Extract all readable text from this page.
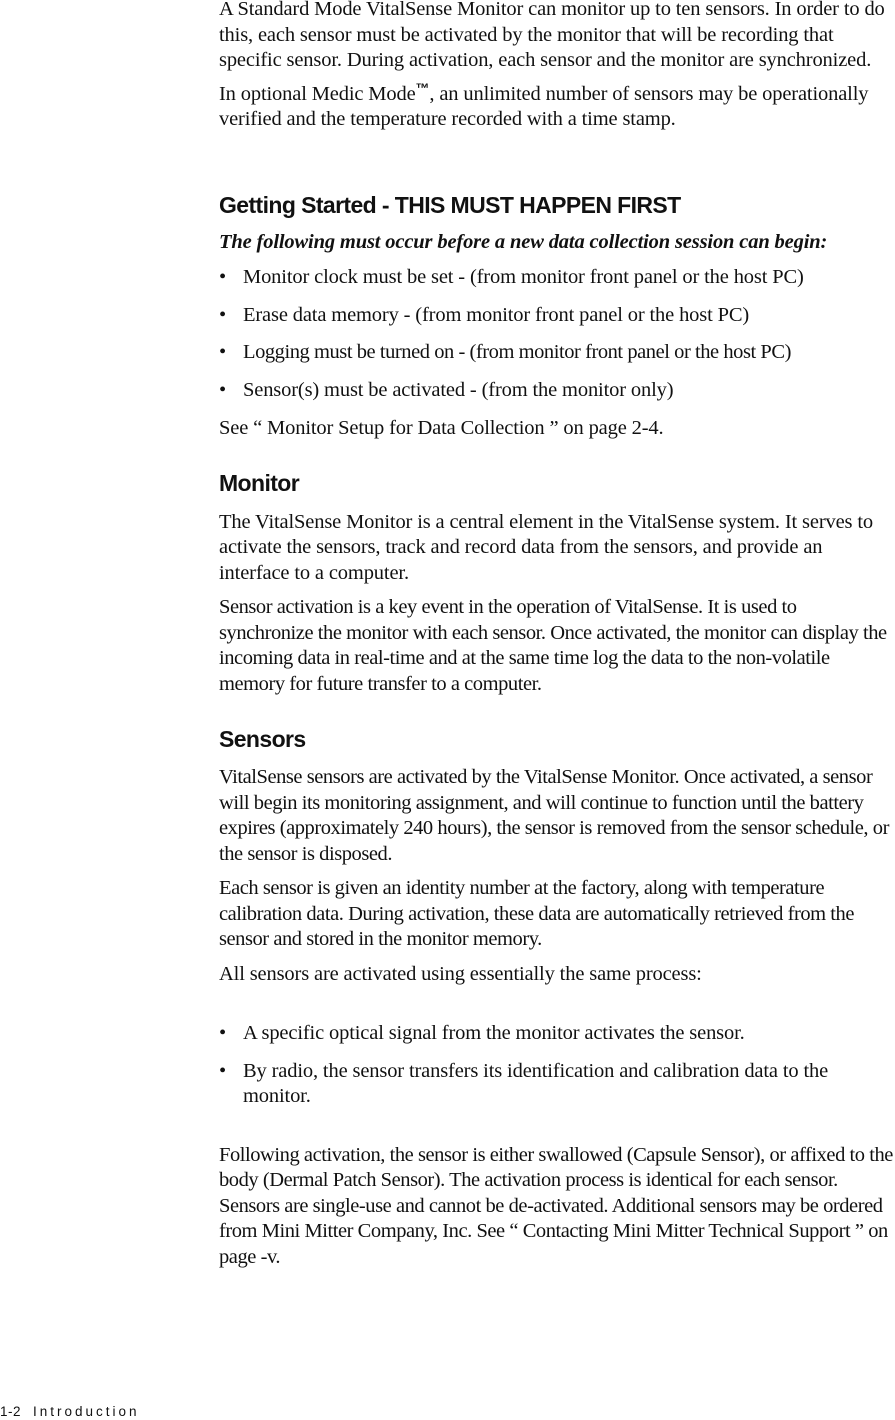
A Standard Mode VitalSense Monitor can monitor up to ten sensors. In order to do this, each sensor must be activated by the monitor that will be recording that specific sensor. During activation, each sensor and the monitor are synchronized.

In optional Medic Mode™, an unlimited number of sensors may be operationally verified and the temperature recorded with a time stamp.

Getting Started - THIS MUST HAPPEN FIRST

The following must occur before a new data collection session can begin:

• Monitor clock must be set - (from monitor front panel or the host PC)
• Erase data memory - (from monitor front panel or the host PC)
• Logging must be turned on - (from monitor front panel or the host PC)
• Sensor(s) must be activated - (from the monitor only)

See “ Monitor Setup for Data Collection ” on page 2-4.

Monitor

The VitalSense Monitor is a central element in the VitalSense system. It serves to activate the sensors, track and record data from the sensors, and provide an interface to a computer.

Sensor activation is a key event in the operation of VitalSense. It is used to synchronize the monitor with each sensor. Once activated, the monitor can display the incoming data in real-time and at the same time log the data to the non-volatile memory for future transfer to a computer.

Sensors

VitalSense sensors are activated by the VitalSense Monitor. Once activated, a sensor will begin its monitoring assignment, and will continue to function until the battery expires (approximately 240 hours), the sensor is removed from the sensor schedule, or the sensor is disposed.

Each sensor is given an identity number at the factory, along with temperature calibration data. During activation, these data are automatically retrieved from the sensor and stored in the monitor memory.

All sensors are activated using essentially the same process:

• A specific optical signal from the monitor activates the sensor.
• By radio, the sensor transfers its identification and calibration data to the monitor.

Following activation, the sensor is either swallowed (Capsule Sensor), or affixed to the body (Dermal Patch Sensor). The activation process is identical for each sensor. Sensors are single-use and cannot be de-activated. Additional sensors may be ordered from Mini Mitter Company, Inc. See “ Contacting Mini Mitter Technical Support ” on page -v.

1-2 Introduction
